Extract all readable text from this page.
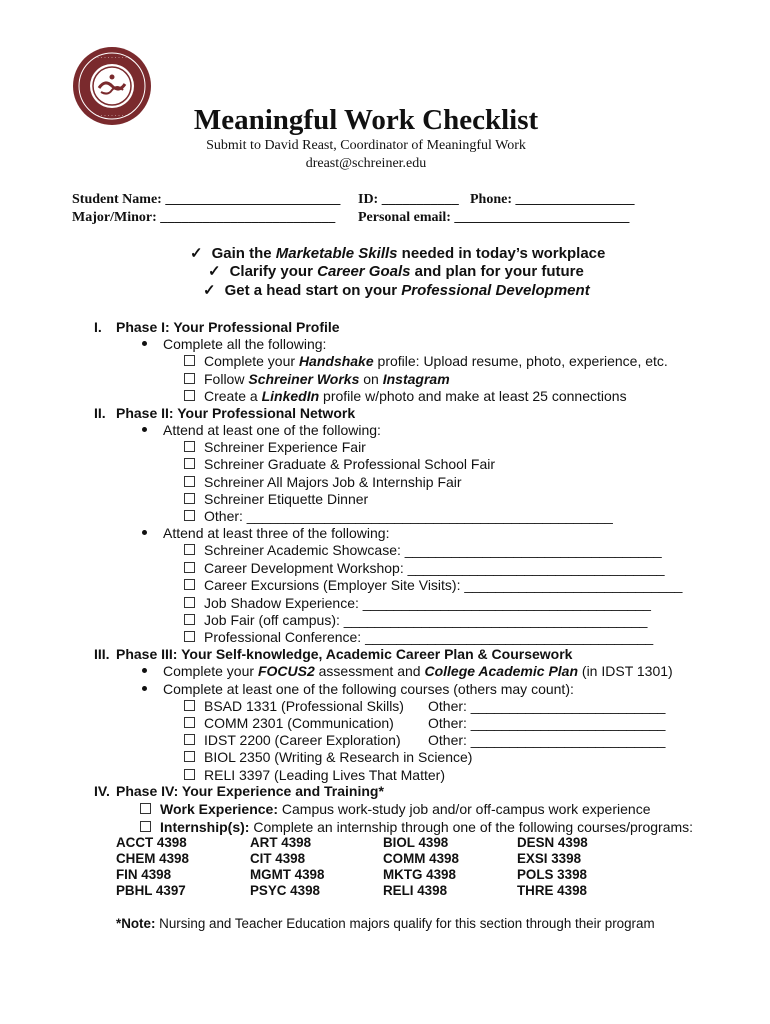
· · · · · · · · ·
· · · · · · · · ·	Meaningful Work Checklist
Submit to David Reast, Coordinator of Meaningful Work
dreast@schreiner.edu
Student Name: _________________________ ID: ___________ Phone: _________________
Major/Minor: _________________________ Personal email: _________________________
✓ Gain the Marketable Skills needed in today’s workplace
✓ Clarify your Career Goals and plan for your future
✓ Get a head start on your Professional Development
I. Phase I: Your Professional Profile
Complete all the following:
Complete your Handshake profile: Upload resume, photo, experience, etc.
Follow Schreiner Works on Instagram
Create a LinkedIn profile w/photo and make at least 25 connections
II. Phase II: Your Professional Network
Attend at least one of the following:
Schreiner Experience Fair
Schreiner Graduate & Professional School Fair
Schreiner All Majors Job & Internship Fair
Schreiner Etiquette Dinner
Other: _______________________________________________
Attend at least three of the following:
Schreiner Academic Showcase: _________________________________
Career Development Workshop: _________________________________
Career Excursions (Employer Site Visits): ____________________________
Job Shadow Experience: _____________________________________
Job Fair (off campus): _______________________________________
Professional Conference: _____________________________________
III. Phase III: Your Self-knowledge, Academic Career Plan & Coursework
Complete your FOCUS2 assessment and College Academic Plan (in IDST 1301)
Complete at least one of the following courses (others may count):
BSAD 1331 (Professional Skills) Other: _________________________
COMM 2301 (Communication) Other: _________________________
IDST 2200 (Career Exploration) Other: _________________________
BIOL 2350 (Writing & Research in Science)
RELI 3397 (Leading Lives That Matter)
IV. Phase IV: Your Experience and Training*
Work Experience: Campus work-study job and/or off-campus work experience
Internship(s): Complete an internship through one of the following courses/programs:
ACCT 4398	ART 4398	BIOL 4398	DESN 4398
CHEM 4398	CIT 4398	COMM 4398	EXSI 3398
FIN 4398	MGMT 4398	MKTG 4398	POLS 3398
PBHL 4397	PSYC 4398	RELI 4398	THRE 4398
*Note: Nursing and Teacher Education majors qualify for this section through their program
